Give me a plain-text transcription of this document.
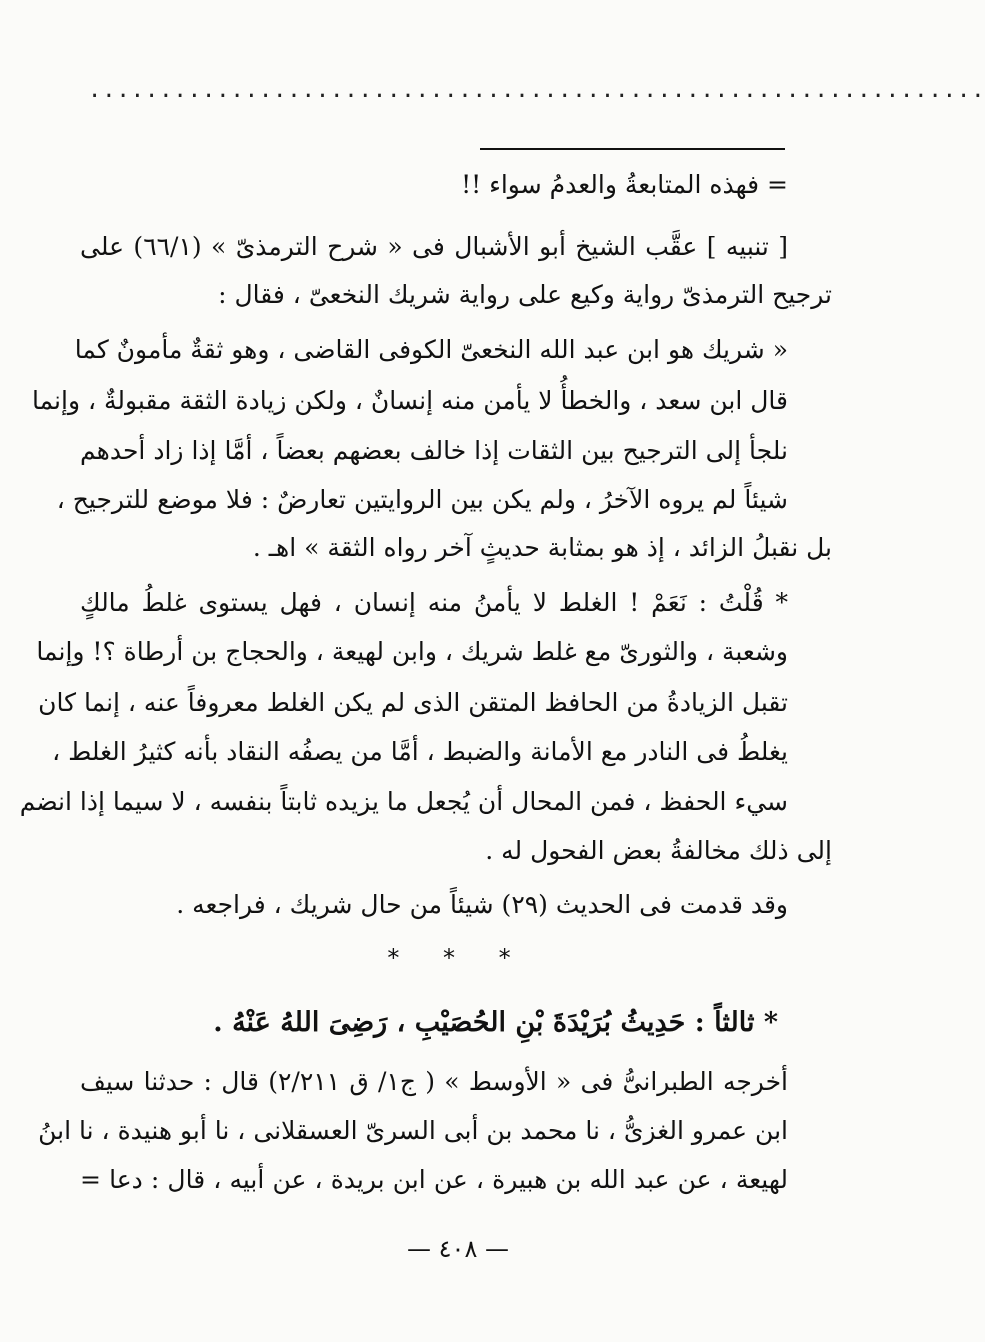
...............................................................
= فهذه المتابعةُ والعدمُ سواء !!
[ تنبيه ] عقَّب الشيخ أبو الأشبال فى « شرح الترمذىّ » (٦٦/١) على
ترجيح الترمذىّ رواية وكيع على رواية شريك النخعىّ ، فقال :
« شريك هو ابن عبد الله النخعىّ الكوفى القاضى ، وهو ثقةٌ مأمونٌ كما
قال ابن سعد ، والخطأُ لا يأمن منه إنسانٌ ، ولكن زيادة الثقة مقبولةٌ ، وإنما
نلجأ إلى الترجيح بين الثقات إذا خالف بعضهم بعضاً ، أمَّا إذا زاد أحدهم
شيئاً لم يروه الآخرُ ، ولم يكن بين الروايتين تعارضٌ : فلا موضع للترجيح ،
بل نقبلُ الزائد ، إذ هو بمثابة حديثٍ آخر رواه الثقة » اهـ .
* قُلْتُ : نَعَمْ ! الغلط لا يأمنُ منه إنسان ، فهل يستوى غلطُ مالكٍ
وشعبة ، والثورىّ مع غلط شريك ، وابن لهيعة ، والحجاج بن أرطاة ؟! وإنما
تقبل الزيادةُ من الحافظ المتقن الذى لم يكن الغلط معروفاً عنه ، إنما كان
يغلطُ فى النادر مع الأمانة والضبط ، أمَّا من يصفُه النقاد بأنه كثيرُ الغلط ،
سيء الحفظ ، فمن المحال أن يُجعل ما يزيده ثابتاً بنفسه ، لا سيما إذا انضم
إلى ذلك مخالفةُ بعض الفحول له .
وقد قدمت فى الحديث (٢٩) شيئاً من حال شريك ، فراجعه .
* * *
* ثالثاً : حَدِيثُ بُرَيْدَةَ بْنِ الحُصَيْبِ ، رَضِىَ اللهُ عَنْهُ .
أخرجه الطبرانىُّ فى « الأوسط » ( ج١/ ق ٢/٢١١) قال : حدثنا سيف
ابن عمرو الغزىُّ ، نا محمد بن أبى السرىّ العسقلانى ، نا أبو هنيدة ، نا ابنُ
لهيعة ، عن عبد الله بن هبيرة ، عن ابن بريدة ، عن أبيه ، قال : دعا =
— ٤٠٨ —
